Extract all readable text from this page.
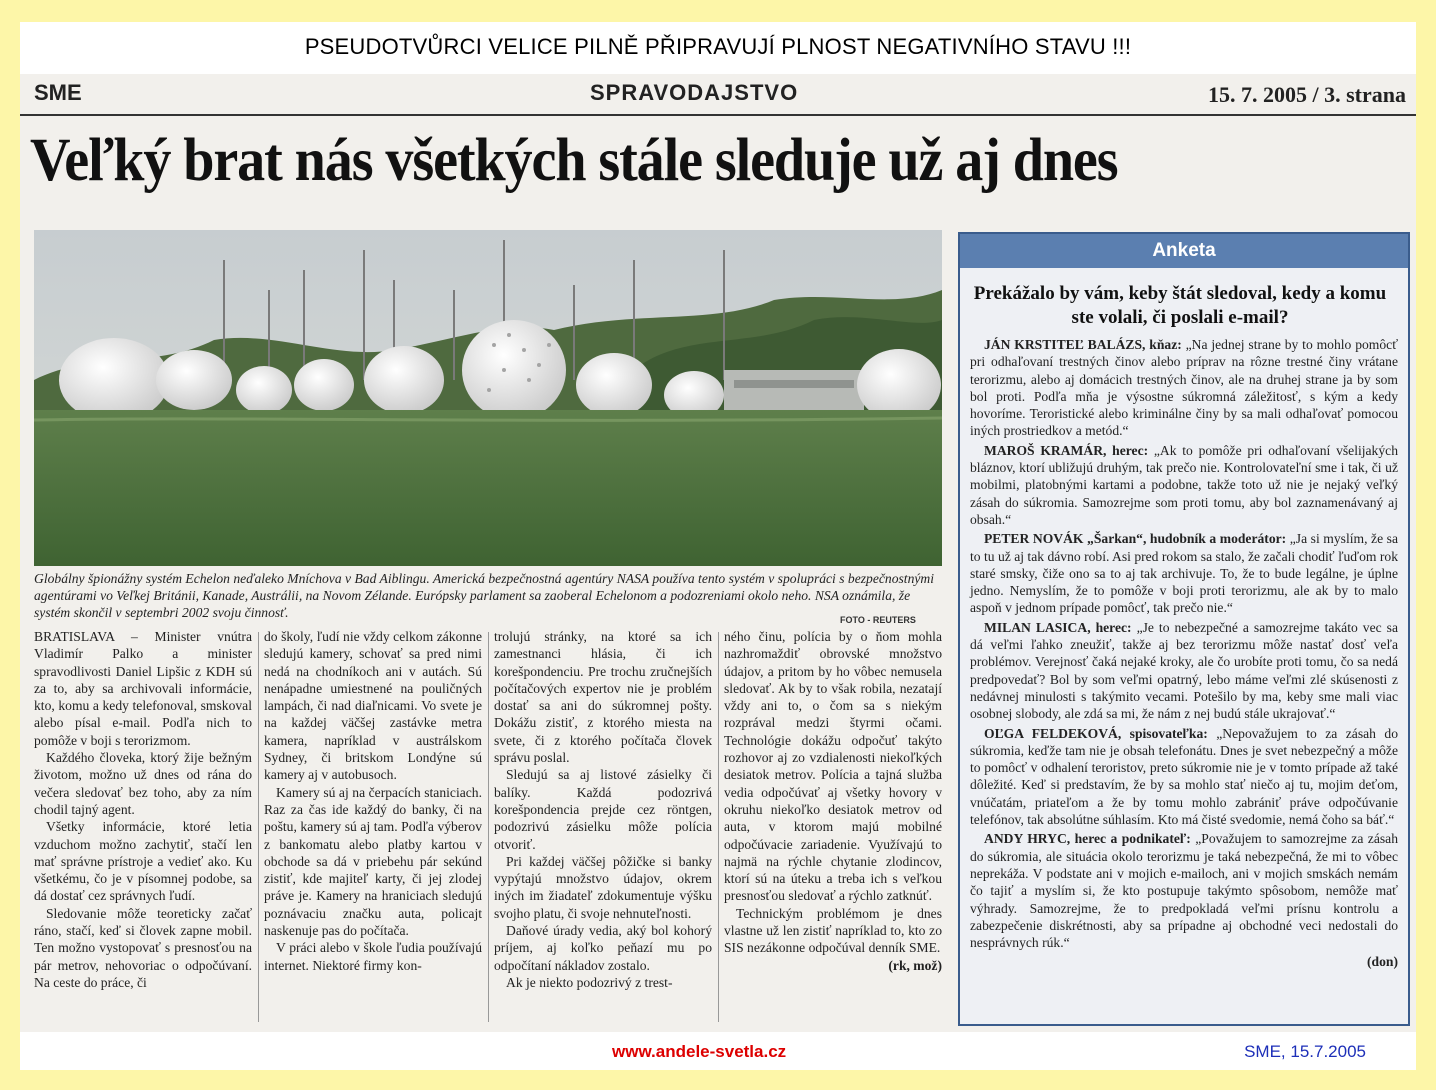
PSEUDOTVŮRCI VELICE PILNĚ PŘIPRAVUJÍ PLNOST NEGATIVNÍHO STAVU !!!
SME	SPRAVODAJSTVO	15. 7. 2005 / 3. strana
Veľký brat nás všetkých stále sleduje už aj dnes
Globálny špionážny systém Echelon neďaleko Mníchova v Bad Aiblingu. Americká bezpečnostná agentúry NASA používa tento systém v spolupráci s bezpečnostnými agentúrami vo Veľkej Británii, Kanade, Austrálii, na Novom Zélande. Európsky parlament sa zaoberal Echelonom a podozreniami okolo neho. NSA oznámila, že systém skončil v septembri 2002 svoju činnosť.	FOTO - REUTERS

BRATISLAVA – Minister vnútra Vladimír Palko a minister spravodlivosti Daniel Lipšic z KDH sú za to, aby sa archivovali informácie, kto, komu a kedy telefonoval, smskoval alebo písal e-mail. Podľa nich to pomôže v boji s terorizmom.

Každého človeka, ktorý žije bežným životom, možno už dnes od rána do večera sledovať bez toho, aby za ním chodil tajný agent.

Všetky informácie, ktoré letia vzduchom možno zachytiť, stačí len mať správne prístroje a vedieť ako. Ku všetkému, čo je v písomnej podobe, sa dá dostať cez správnych ľudí.

Sledovanie môže teoreticky začať ráno, stačí, keď si človek zapne mobil. Ten možno vystopovať s presnosťou na pár metrov, nehovoriac o odpočúvaní. Na ceste do práce, či

do školy, ľudí nie vždy celkom zákonne sledujú kamery, schovať sa pred nimi nedá na chodníkoch ani v autách. Sú nenápadne umiestnené na pouličných lampách, či nad diaľnicami. Vo svete je na každej väčšej zastávke metra kamera, napríklad v austrálskom Sydney, či britskom Londýne sú kamery aj v autobusoch.

Kamery sú aj na čerpacích staniciach. Raz za čas ide každý do banky, či na poštu, kamery sú aj tam. Podľa výberov z bankomatu alebo platby kartou v obchode sa dá v priebehu pár sekúnd zistiť, kde majiteľ karty, či jej zlodej práve je. Kamery na hraniciach sledujú poznávaciu značku auta, policajt naskenuje pas do počítača.

V práci alebo v škole ľudia používajú internet. Niektoré firmy kon-

trolujú stránky, na ktoré sa ich zamestnanci hlásia, či ich korešpondenciu. Pre trochu zručnejších počítačových expertov nie je problém dostať sa ani do súkromnej pošty. Dokážu zistiť, z ktorého miesta na svete, či z ktorého počítača človek správu poslal.

Sledujú sa aj listové zásielky či balíky. Každá podozrivá korešpondencia prejde cez röntgen, podozrivú zásielku môže polícia otvoriť.

Pri každej väčšej pôžičke si banky vypýtajú množstvo údajov, okrem iných im žiadateľ zdokumentuje výšku svojho platu, či svoje nehnuteľnosti.

Daňové úrady vedia, aký bol kohorý príjem, aj koľko peňazí mu po odpočítaní nákladov zostalo.

Ak je niekto podozrivý z trest-

ného činu, polícia by o ňom mohla nazhromaždiť obrovské množstvo údajov, a pritom by ho vôbec nemusela sledovať. Ak by to však robila, nezatají vždy ani to, o čom sa s niekým rozprával medzi štyrmi očami. Technológie dokážu odpočuť takýto rozhovor aj zo vzdialenosti niekoľkých desiatok metrov. Polícia a tajná služba vedia odpočúvať aj všetky hovory v okruhu niekoľko desiatok metrov od auta, v ktorom majú mobilné odpočúvacie zariadenie. Využívajú to najmä na rýchle chytanie zlodincov, ktorí sú na úteku a treba ich s veľkou presnosťou sledovať a rýchlo zatknúť.

Technickým problémom je dnes vlastne už len zistiť napríklad to, kto zo SIS nezákonne odpočúval denník SME.

(rk, mož)

Anketa
Prekážalo by vám, keby štát sledoval, kedy a komu ste volali, či poslali e-mail?

JÁN KRSTITEĽ BALÁZS, kňaz: „Na jednej strane by to mohlo pomôcť pri odhaľovaní trestných činov alebo príprav na rôzne trestné činy vrátane terorizmu, alebo aj domácich trestných činov, ale na druhej strane ja by som bol proti. Podľa mňa je výsostne súkromná záležitosť, s kým a kedy hovoríme. Teroristické alebo kriminálne činy by sa mali odhaľovať pomocou iných prostriedkov a metód.“

MAROŠ KRAMÁR, herec: „Ak to pomôže pri odhaľovaní všelijakých bláznov, ktorí ubližujú druhým, tak prečo nie. Kontrolovateľní sme i tak, či už mobilmi, platobnými kartami a podobne, takže toto už nie je nejaký veľký zásah do súkromia. Samozrejme som proti tomu, aby bol zaznamenávaný aj obsah.“

PETER NOVÁK „Šarkan“, hudobník a moderátor: „Ja si myslím, že sa to tu už aj tak dávno robí. Asi pred rokom sa stalo, že začali chodiť ľuďom rok staré smsky, čiže ono sa to aj tak archivuje. To, že to bude legálne, je úplne jedno. Nemyslím, že to pomôže v boji proti terorizmu, ale ak by to malo aspoň v jednom prípade pomôcť, tak prečo nie.“

MILAN LASICA, herec: „Je to nebezpečné a samozrejme takáto vec sa dá veľmi ľahko zneužiť, takže aj bez terorizmu môže nastať dosť veľa problémov. Verejnosť čaká nejaké kroky, ale čo urobíte proti tomu, čo sa nedá predpovedať? Bol by som veľmi opatrný, lebo máme veľmi zlé skúsenosti z nedávnej minulosti s takýmito vecami. Potešilo by ma, keby sme mali viac osobnej slobody, ale zdá sa mi, že nám z nej budú stále ukrajovať.“

OĽGA FELDEKOVÁ, spisovateľka: „Nepovažujem to za zásah do súkromia, keďže tam nie je obsah telefonátu. Dnes je svet nebezpečný a môže to pomôcť v odhalení teroristov, preto súkromie nie je v tomto prípade až také dôležité. Keď si predstavím, že by sa mohlo stať niečo aj tu, mojim deťom, vnúčatám, priateľom a že by tomu mohlo zabrániť práve odpočúvanie telefónov, tak absolútne súhlasím. Kto má čisté svedomie, nemá čoho sa báť.“

ANDY HRYC, herec a podnikateľ: „Považujem to samozrejme za zásah do súkromia, ale situácia okolo terorizmu je taká nebezpečná, že mi to vôbec neprekáža. V podstate ani v mojich e-mailoch, ani v mojich smskách nemám čo tajiť a myslím si, že kto postupuje takýmto spôsobom, nemôže mať výhrady. Samozrejme, že to predpokladá veľmi prísnu kontrolu a zabezpečenie diskrétnosti, aby sa prípadne aj obchodné veci nedostali do nesprávnych rúk.“

(don)

www.andele-svetla.cz	SME, 15.7.2005
